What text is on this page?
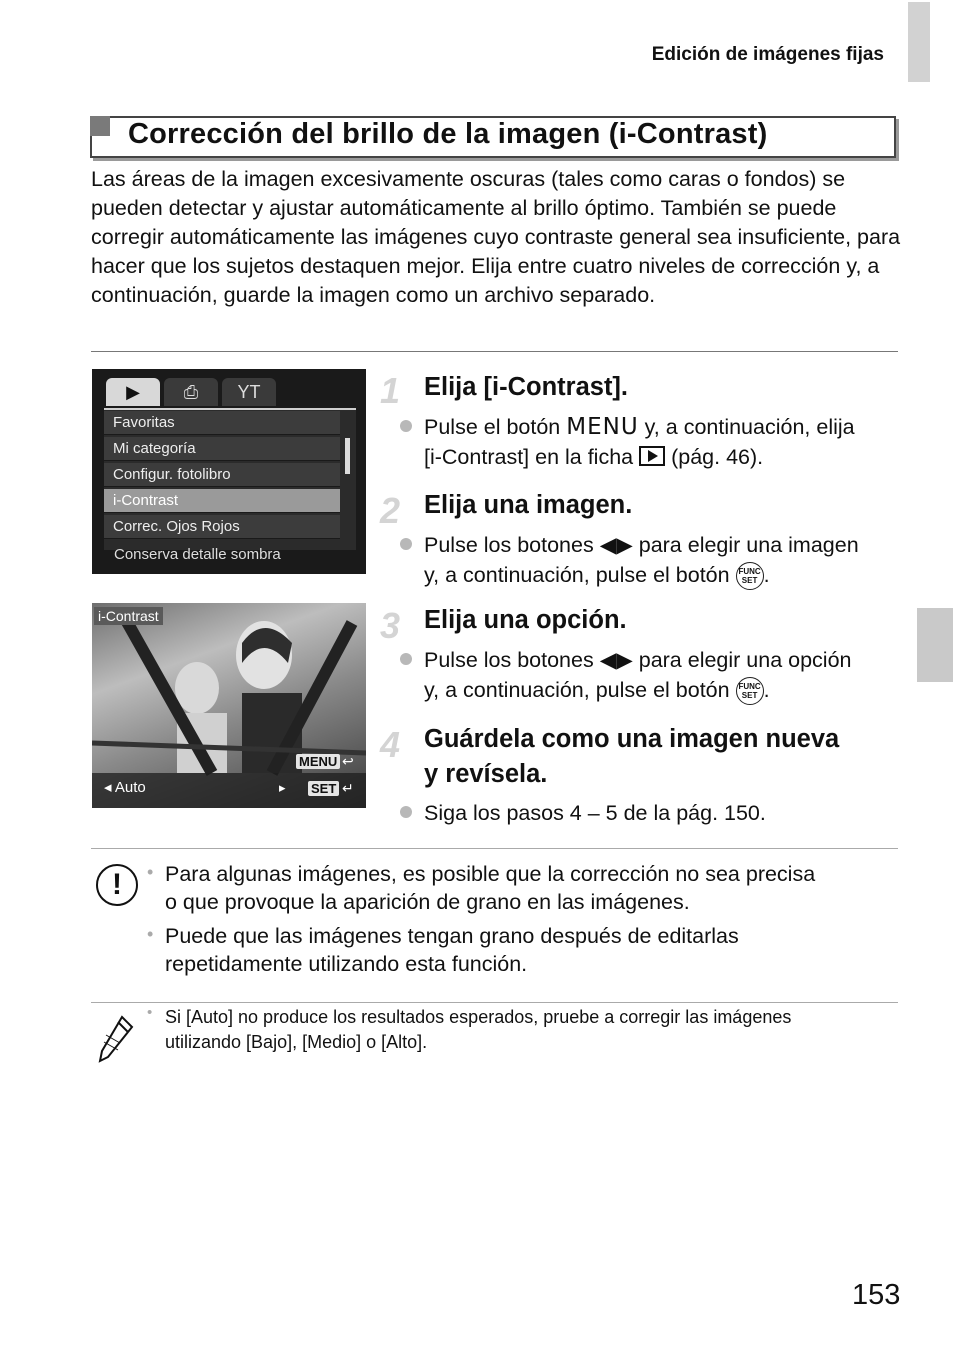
Edición de imágenes fijas
Corrección del brillo de la imagen (i-Contrast)
Las áreas de la imagen excesivamente oscuras (tales como caras o fondos) se pueden detectar y ajustar automáticamente al brillo óptimo. También se puede corregir automáticamente las imágenes cuyo contraste general sea insuficiente, para hacer que los sujetos destaquen mejor. Elija entre cuatro niveles de corrección y, a continuación, guarde la imagen como un archivo separado.
▶	⎙	YT
Favoritas
Mi categoría
Configur. fotolibro
i-Contrast
Correc. Ojos Rojos
Conserva detalle sombra
i-Contrast
◂ Auto	▸
MENU ↩
SET ↵
1 Elija [i-Contrast].
Pulse el botón MENU y, a continuación, elija
[i-Contrast] en la ficha (pág. 46).
2 Elija una imagen.
Pulse los botones ◀▶ para elegir una imagen
y, a continuación, pulse el botón FUNC
SET .
3 Elija una opción.
Pulse los botones ◀▶ para elegir una opción
y, a continuación, pulse el botón FUNC
SET .
4 Guárdela como una imagen nueva
y revísela.
Siga los pasos 4 – 5 de la pág. 150.
!	• Para algunas imágenes, es posible que la corrección no sea precisa
o que provoque la aparición de grano en las imágenes.
• Puede que las imágenes tengan grano después de editarlas
repetidamente utilizando esta función.
• Si [Auto] no produce los resultados esperados, pruebe a corregir las imágenes
utilizando [Bajo], [Medio] o [Alto].
153
